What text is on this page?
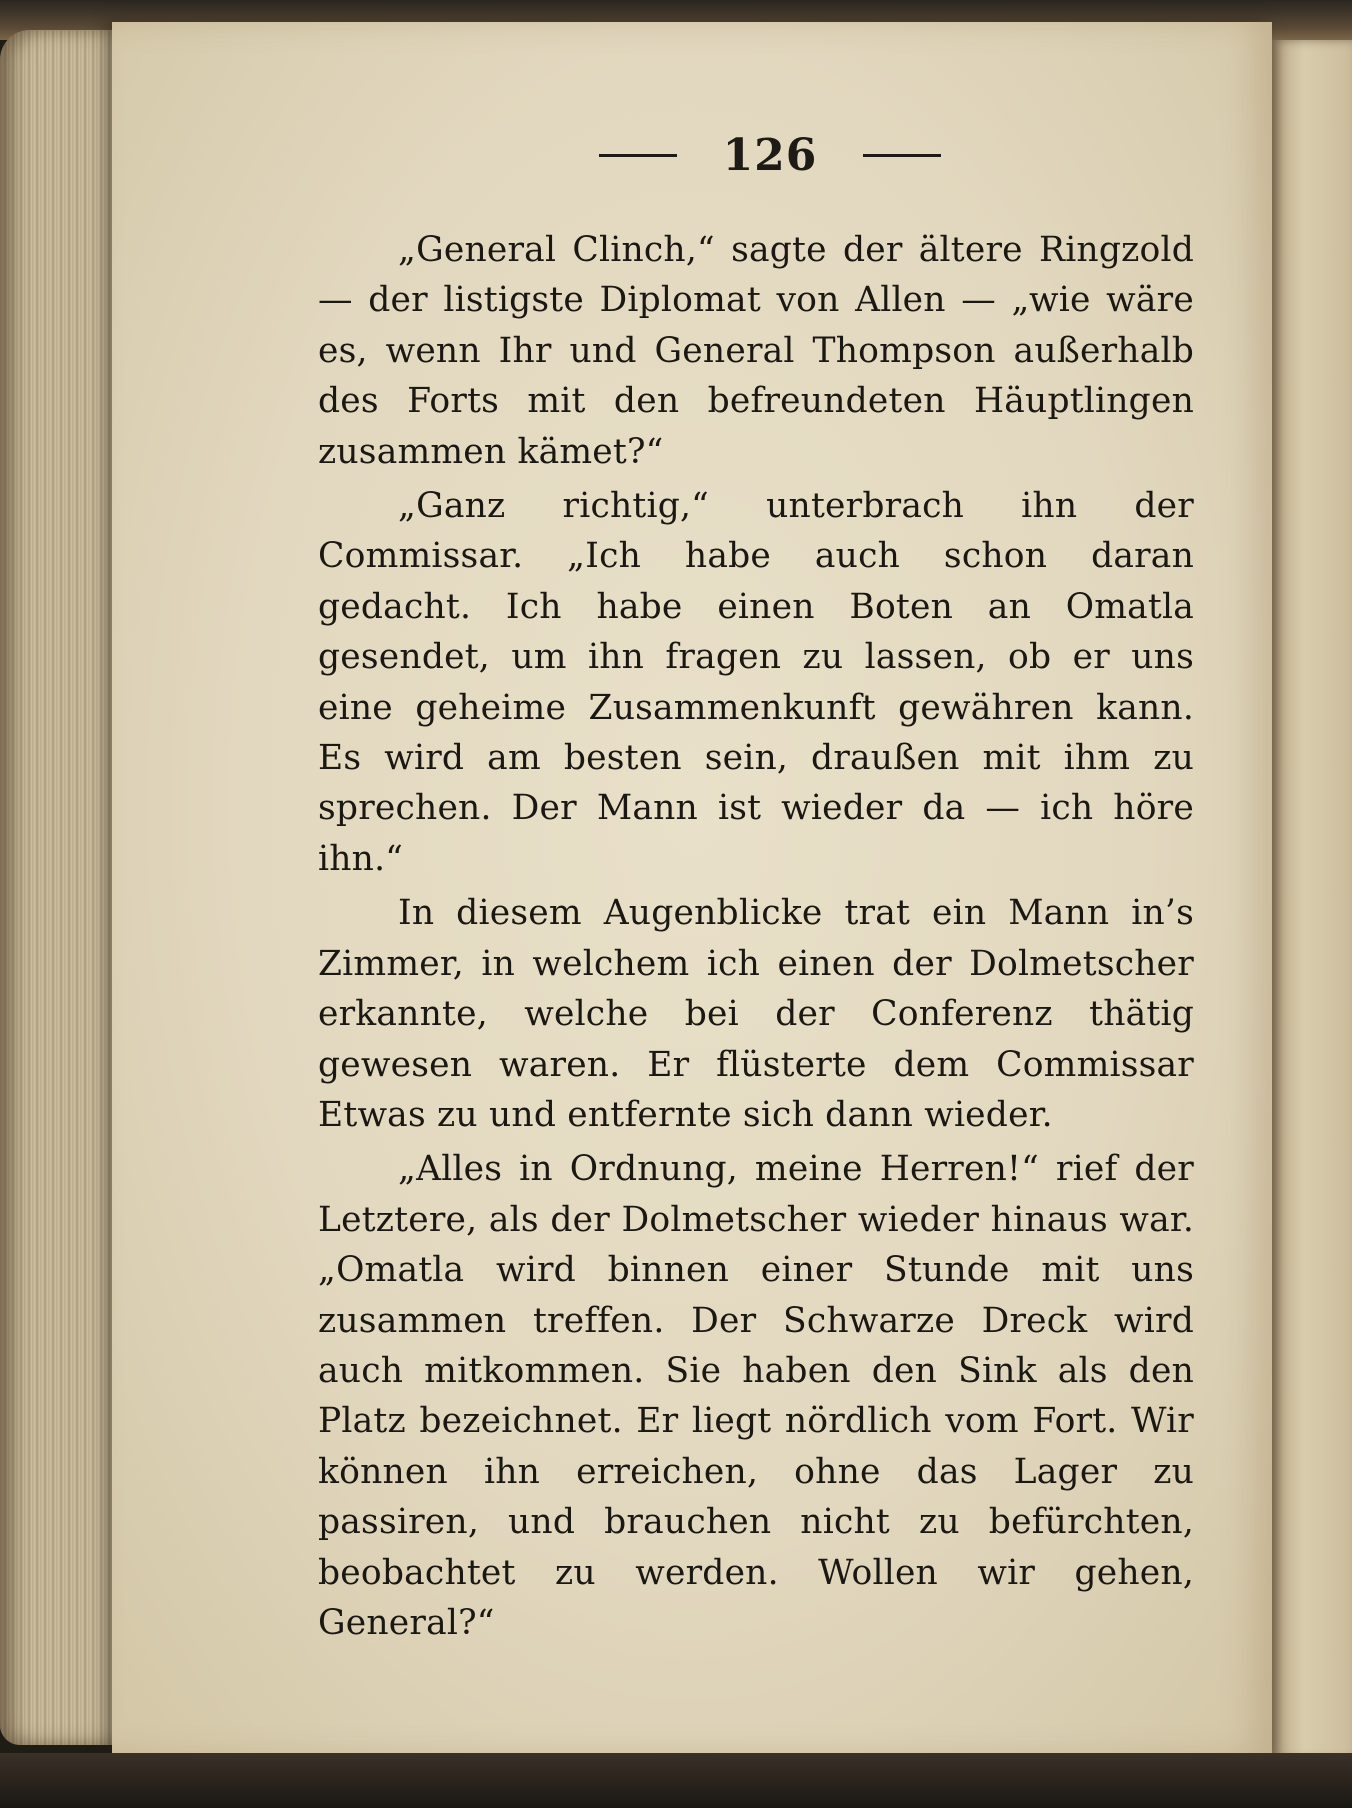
126

„General Clinch,“ sagte der ältere Ringzold — der listigste Diplomat von Allen — „wie wäre es, wenn Ihr und General Thompson außerhalb des Forts mit den befreundeten Häuptlingen zusammen kämet?“

„Ganz richtig,“ unterbrach ihn der Commissar. „Ich habe auch schon daran gedacht. Ich habe einen Boten an Omatla gesendet, um ihn fragen zu lassen, ob er uns eine geheime Zusammenkunft gewähren kann. Es wird am besten sein, draußen mit ihm zu sprechen. Der Mann ist wieder da — ich höre ihn.“

In diesem Augenblicke trat ein Mann in’s Zimmer, in welchem ich einen der Dolmetscher erkannte, welche bei der Conferenz thätig gewesen waren. Er flüsterte dem Commissar Etwas zu und entfernte sich dann wieder.

„Alles in Ordnung, meine Herren!“ rief der Letztere, als der Dolmetscher wieder hinaus war. „Omatla wird binnen einer Stunde mit uns zusammen treffen. Der Schwarze Dreck wird auch mitkommen. Sie haben den Sink als den Platz bezeichnet. Er liegt nördlich vom Fort. Wir können ihn erreichen, ohne das Lager zu passiren, und brauchen nicht zu befürchten, beobachtet zu werden. Wollen wir gehen, General?“
